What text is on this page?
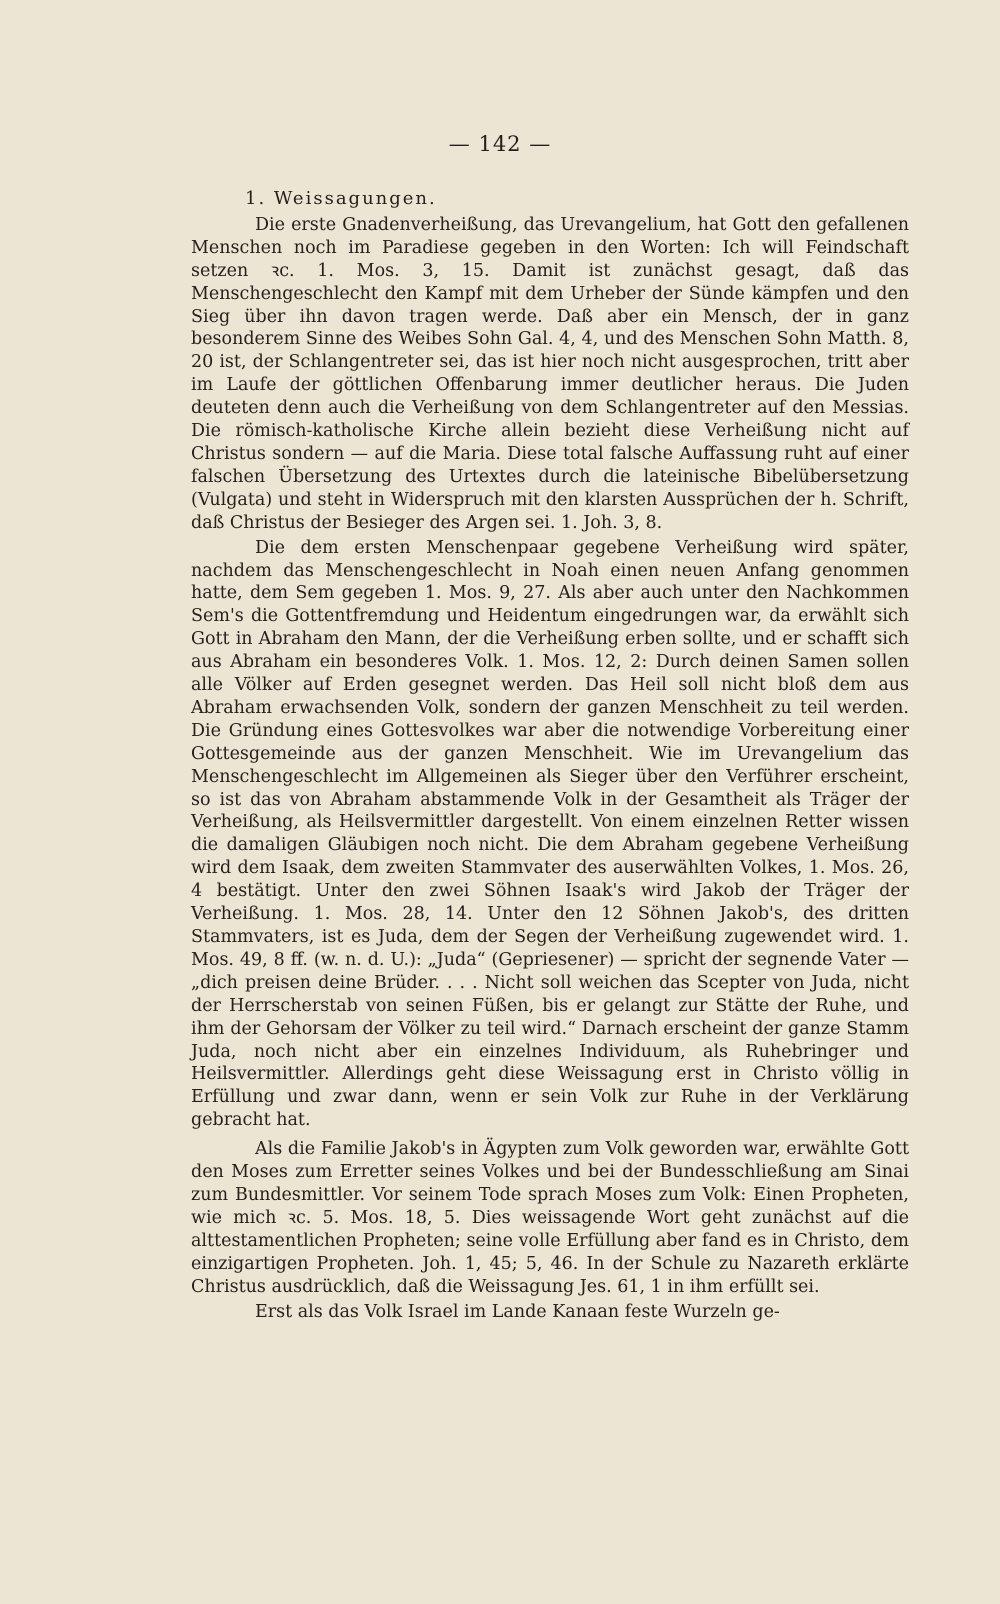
— 142 —
1. Weissagungen.

Die erste Gnadenverheißung, das Urevangelium, hat Gott den gefallenen Menschen noch im Paradiese gegeben in den Worten: Ich will Feindschaft setzen ꝛc. 1. Mos. 3, 15. Damit ist zunächst gesagt, daß das Menschengeschlecht den Kampf mit dem Urheber der Sünde kämpfen und den Sieg über ihn davon tragen werde. Daß aber ein Mensch, der in ganz besonderem Sinne des Weibes Sohn Gal. 4, 4, und des Menschen Sohn Matth. 8, 20 ist, der Schlangentreter sei, das ist hier noch nicht ausgesprochen, tritt aber im Laufe der göttlichen Offenbarung immer deutlicher heraus. Die Juden deuteten denn auch die Verheißung von dem Schlangentreter auf den Messias. Die römisch-katholische Kirche allein bezieht diese Verheißung nicht auf Christus sondern — auf die Maria. Diese total falsche Auffassung ruht auf einer falschen Übersetzung des Urtextes durch die lateinische Bibelübersetzung (Vulgata) und steht in Widerspruch mit den klarsten Aussprüchen der h. Schrift, daß Christus der Besieger des Argen sei. 1. Joh. 3, 8.

Die dem ersten Menschenpaar gegebene Verheißung wird später, nachdem das Menschengeschlecht in Noah einen neuen Anfang genommen hatte, dem Sem gegeben 1. Mos. 9, 27. Als aber auch unter den Nachkommen Sem's die Gottentfremdung und Heidentum eingedrungen war, da erwählt sich Gott in Abraham den Mann, der die Verheißung erben sollte, und er schafft sich aus Abraham ein besonderes Volk. 1. Mos. 12, 2: Durch deinen Samen sollen alle Völker auf Erden gesegnet werden. Das Heil soll nicht bloß dem aus Abraham erwachsenden Volk, sondern der ganzen Menschheit zu teil werden. Die Gründung eines Gottesvolkes war aber die notwendige Vorbereitung einer Gottesgemeinde aus der ganzen Menschheit. Wie im Urevangelium das Menschengeschlecht im Allgemeinen als Sieger über den Verführer erscheint, so ist das von Abraham abstammende Volk in der Gesamtheit als Träger der Verheißung, als Heilsvermittler dargestellt. Von einem einzelnen Retter wissen die damaligen Gläubigen noch nicht. Die dem Abraham gegebene Verheißung wird dem Isaak, dem zweiten Stammvater des auserwählten Volkes, 1. Mos. 26, 4 bestätigt. Unter den zwei Söhnen Isaak's wird Jakob der Träger der Verheißung. 1. Mos. 28, 14. Unter den 12 Söhnen Jakob's, des dritten Stammvaters, ist es Juda, dem der Segen der Verheißung zugewendet wird. 1. Mos. 49, 8 ff. (w. n. d. U.): „Juda“ (Gepriesener) — spricht der segnende Vater — „dich preisen deine Brüder. . . . Nicht soll weichen das Scepter von Juda, nicht der Herrscherstab von seinen Füßen, bis er gelangt zur Stätte der Ruhe, und ihm der Gehorsam der Völker zu teil wird.“ Darnach erscheint der ganze Stamm Juda, noch nicht aber ein einzelnes Individuum, als Ruhebringer und Heilsvermittler. Allerdings geht diese Weissagung erst in Christo völlig in Erfüllung und zwar dann, wenn er sein Volk zur Ruhe in der Verklärung gebracht hat.

Als die Familie Jakob's in Ägypten zum Volk geworden war, erwählte Gott den Moses zum Erretter seines Volkes und bei der Bundesschließung am Sinai zum Bundesmittler. Vor seinem Tode sprach Moses zum Volk: Einen Propheten, wie mich ꝛc. 5. Mos. 18, 5. Dies weissagende Wort geht zunächst auf die alttestamentlichen Propheten; seine volle Erfüllung aber fand es in Christo, dem einzigartigen Propheten. Joh. 1, 45; 5, 46. In der Schule zu Nazareth erklärte Christus ausdrücklich, daß die Weissagung Jes. 61, 1 in ihm erfüllt sei.

Erst als das Volk Israel im Lande Kanaan feste Wurzeln ge-
